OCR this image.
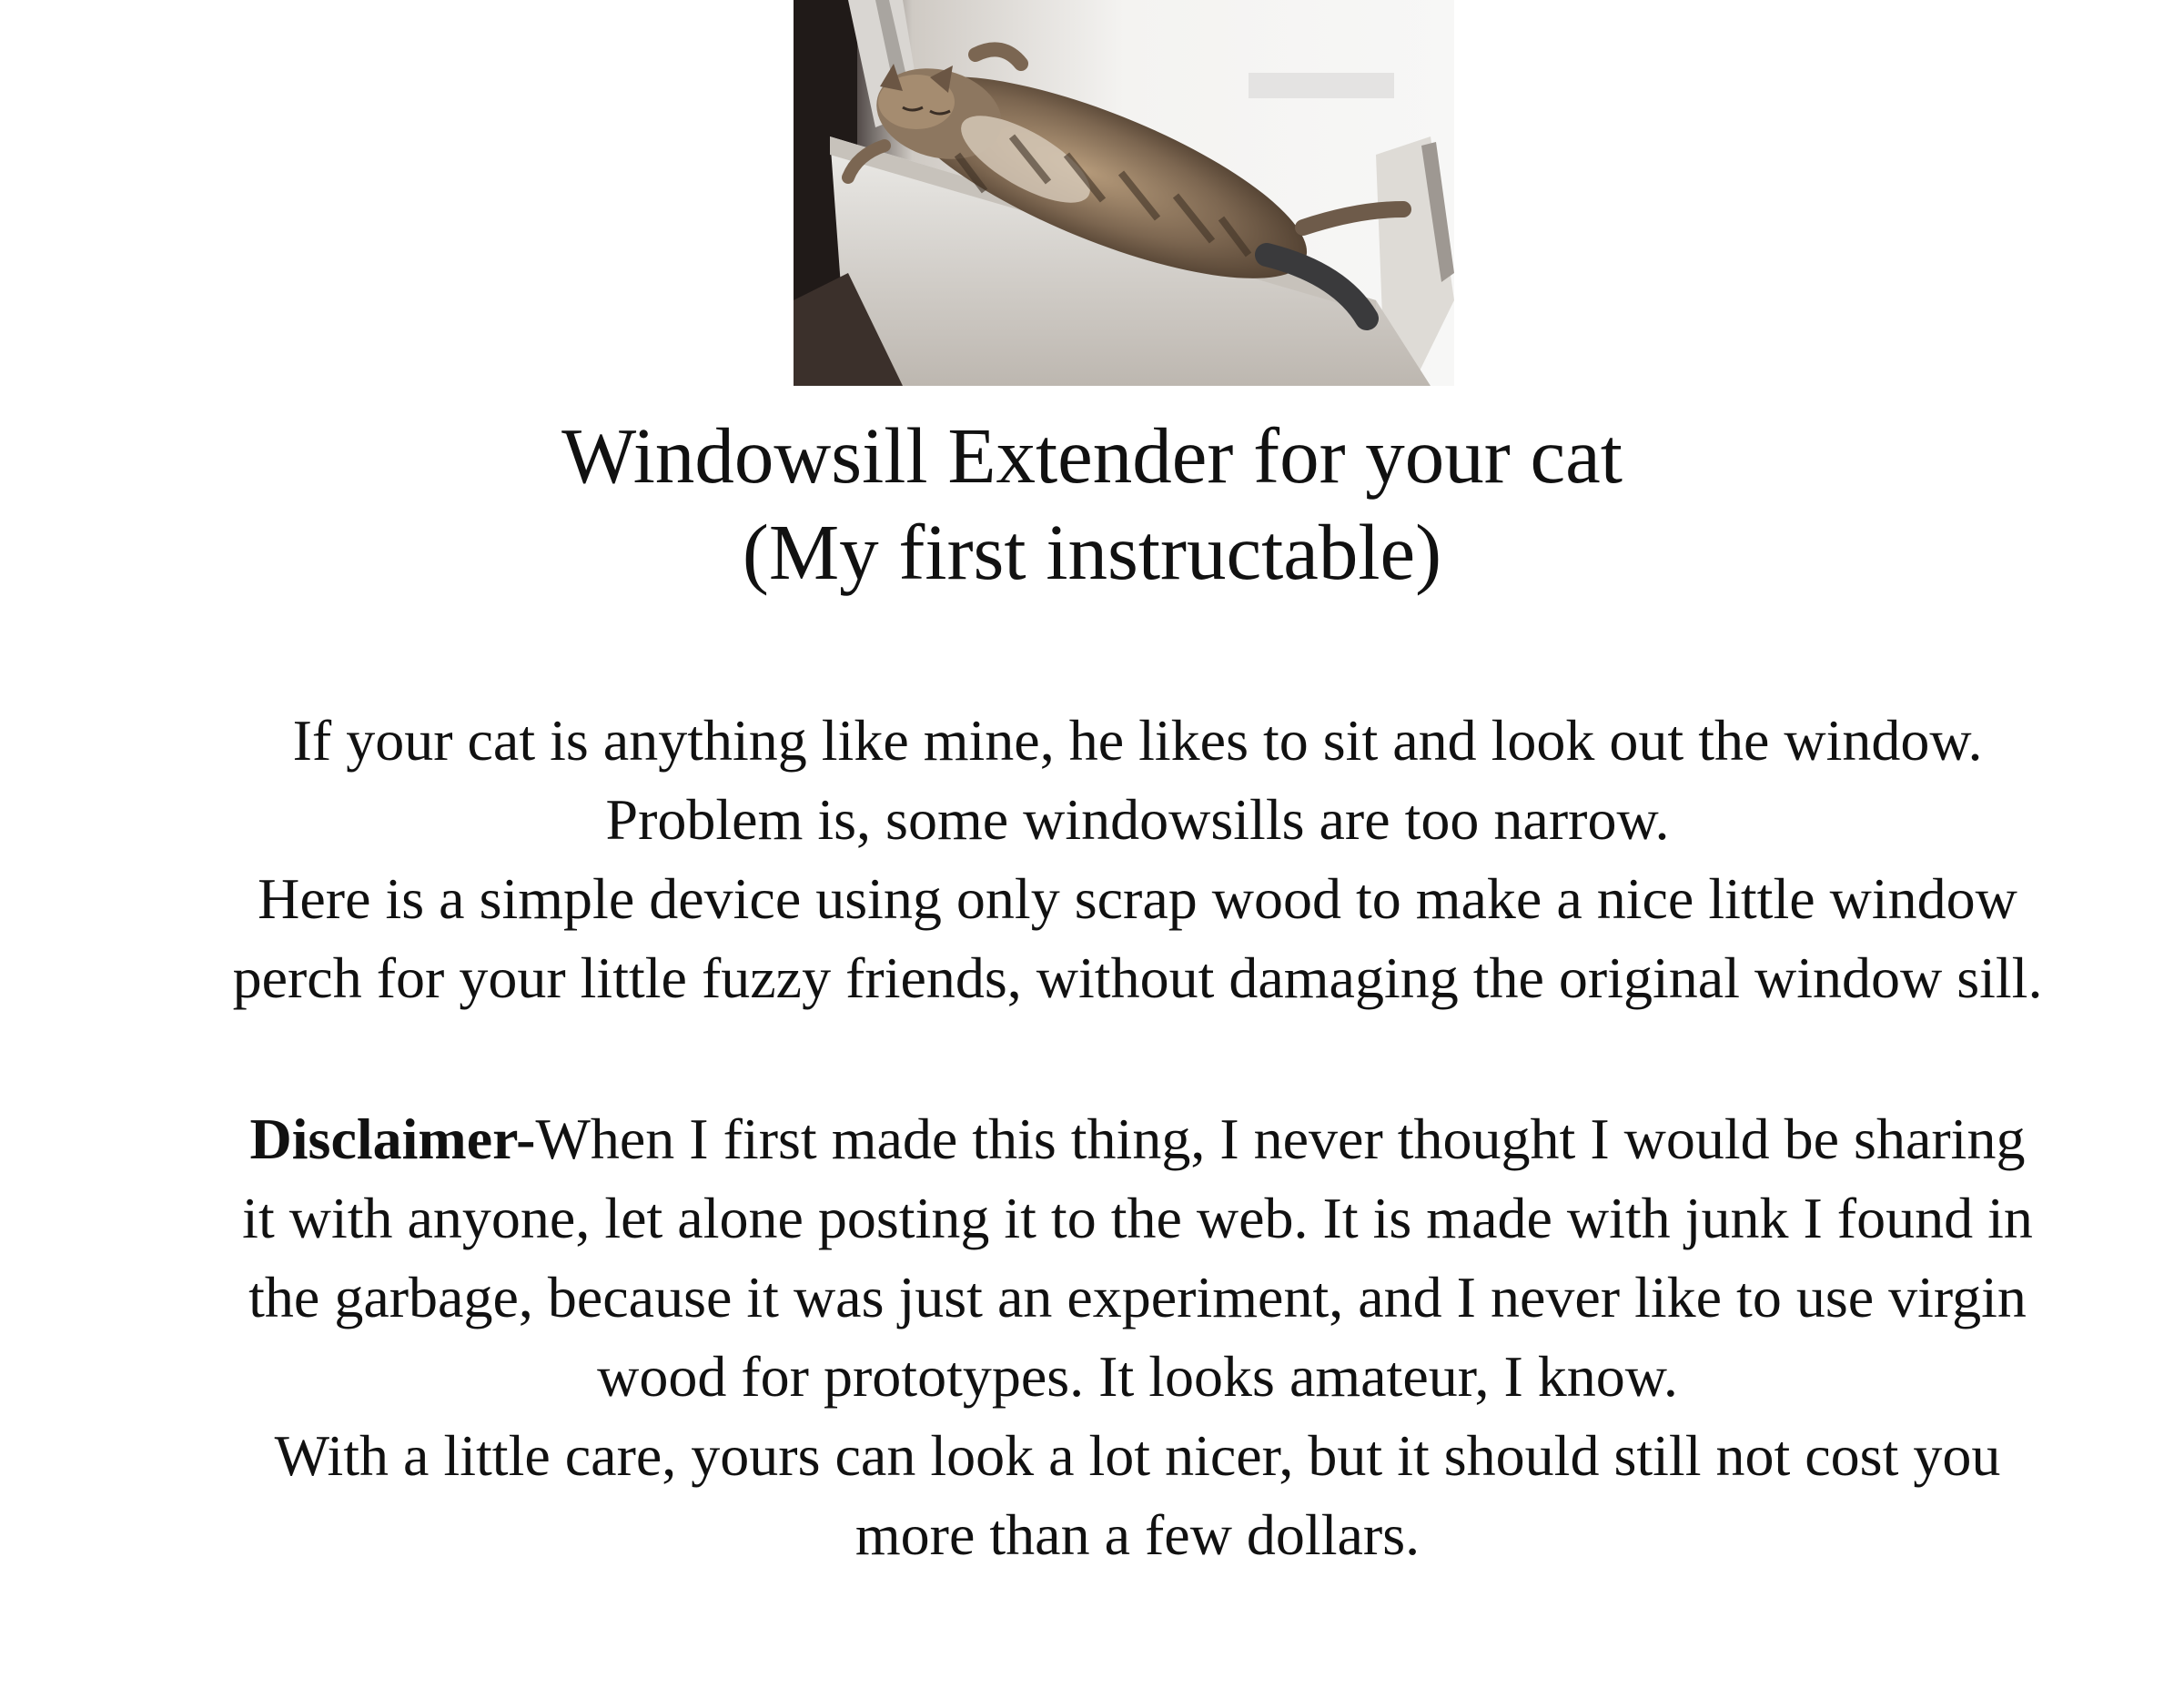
Windowsill Extender for your cat
(My first instructable)

If your cat is anything like mine, he likes to sit and look out the window.
Problem is, some windowsills are too narrow.
Here is a simple device using only scrap wood to make a nice little window
perch for your little fuzzy friends, without damaging the original window sill.

Disclaimer-When I first made this thing, I never thought I would be sharing
it with anyone, let alone posting it to the web. It is made with junk I found in
the garbage, because it was just an experiment, and I never like to use virgin
wood for prototypes. It looks amateur, I know.
With a little care, yours can look a lot nicer, but it should still not cost you
more than a few dollars.
